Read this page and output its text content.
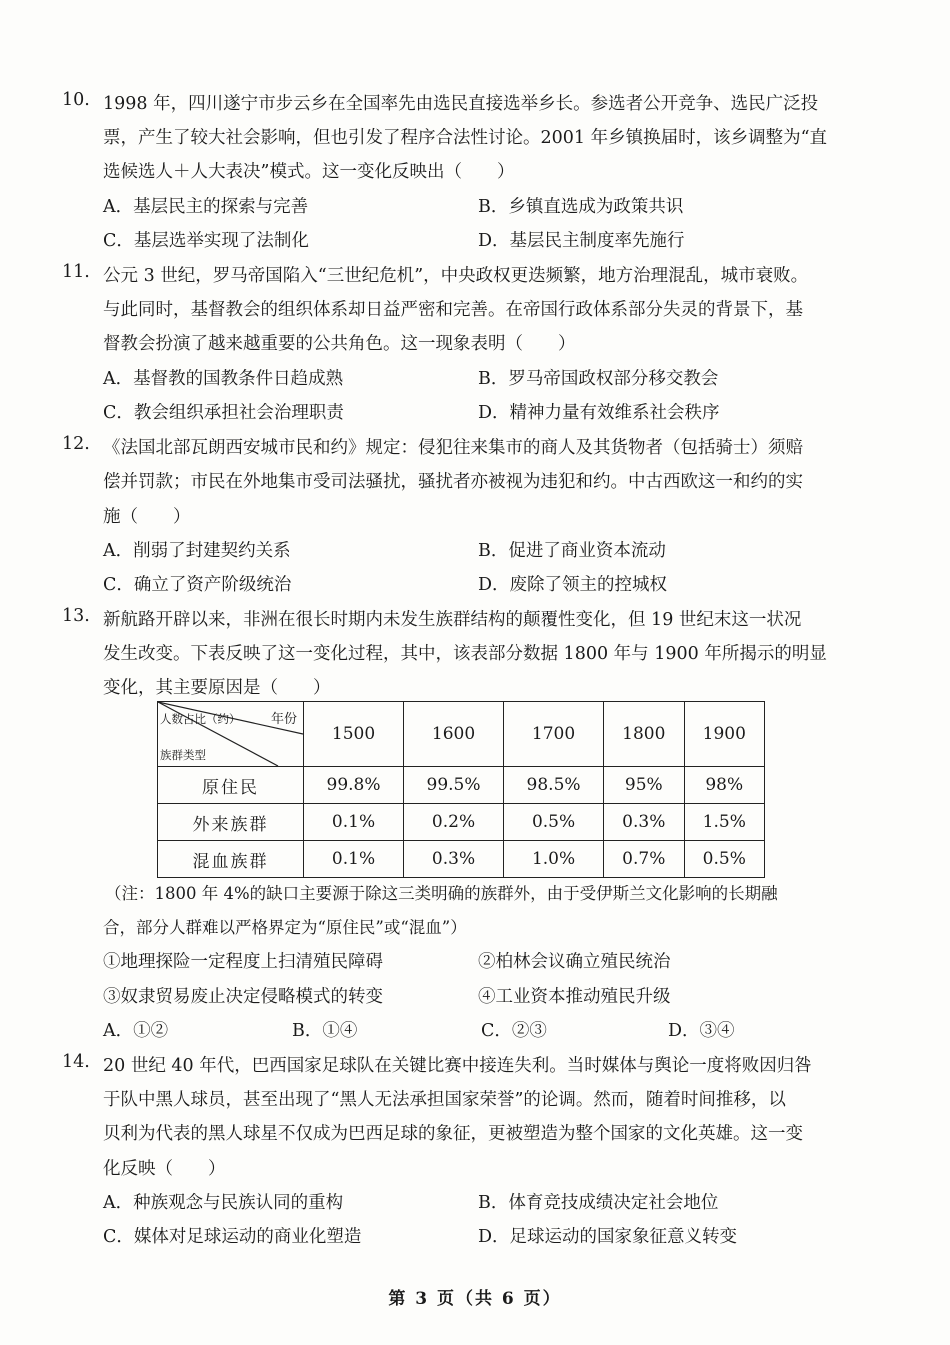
10. 1998 年，四川遂宁市步云乡在全国率先由选民直接选举乡长。参选者公开竞争、选民广泛投
票，产生了较大社会影响，但也引发了程序合法性讨论。2001 年乡镇换届时，该乡调整为“直
选候选人＋人大表决”模式。这一变化反映出（　　）
A．基层民主的探索与完善	B．乡镇直选成为政策共识
C．基层选举实现了法制化	D．基层民主制度率先施行
11. 公元 3 世纪，罗马帝国陷入“三世纪危机”，中央政权更迭频繁，地方治理混乱，城市衰败。
与此同时，基督教会的组织体系却日益严密和完善。在帝国行政体系部分失灵的背景下，基
督教会扮演了越来越重要的公共角色。这一现象表明（　　）
A．基督教的国教条件日趋成熟	B．罗马帝国政权部分移交教会
C．教会组织承担社会治理职责	D．精神力量有效维系社会秩序
12. 《法国北部瓦朗西安城市民和约》规定：侵犯往来集市的商人及其货物者（包括骑士）须赔
偿并罚款；市民在外地集市受司法骚扰，骚扰者亦被视为违犯和约。中古西欧这一和约的实
施（　　）
A．削弱了封建契约关系	B．促进了商业资本流动
C．确立了资产阶级统治	D．废除了领主的控城权
13. 新航路开辟以来，非洲在很长时期内未发生族群结构的颠覆性变化，但 19 世纪末这一状况
发生改变。下表反映了这一变化过程，其中，该表部分数据 1800 年与 1900 年所揭示的明显
变化，其主要原因是（　　）
年份
人数占比（约）
族群类型	1500	1600	1700	1800	1900
原住民	99.8%	99.5%	98.5%	95%	98%
外来族群	0.1%	0.2%	0.5%	0.3%	1.5%
混血族群	0.1%	0.3%	1.0%	0.7%	0.5%
（注：1800 年 4%的缺口主要源于除这三类明确的族群外，由于受伊斯兰文化影响的长期融
合，部分人群难以严格界定为“原住民”或“混血”）
①地理探险一定程度上扫清殖民障碍	②柏林会议确立殖民统治
③奴隶贸易废止决定侵略模式的转变	④工业资本推动殖民升级
A．①②	B．①④	C．②③	D．③④
14. 20 世纪 40 年代，巴西国家足球队在关键比赛中接连失利。当时媒体与舆论一度将败因归咎
于队中黑人球员，甚至出现了“黑人无法承担国家荣誉”的论调。然而，随着时间推移，以
贝利为代表的黑人球星不仅成为巴西足球的象征，更被塑造为整个国家的文化英雄。这一变
化反映（　　）
A．种族观念与民族认同的重构	B．体育竞技成绩决定社会地位
C．媒体对足球运动的商业化塑造	D．足球运动的国家象征意义转变
第 3 页（共 6 页）
